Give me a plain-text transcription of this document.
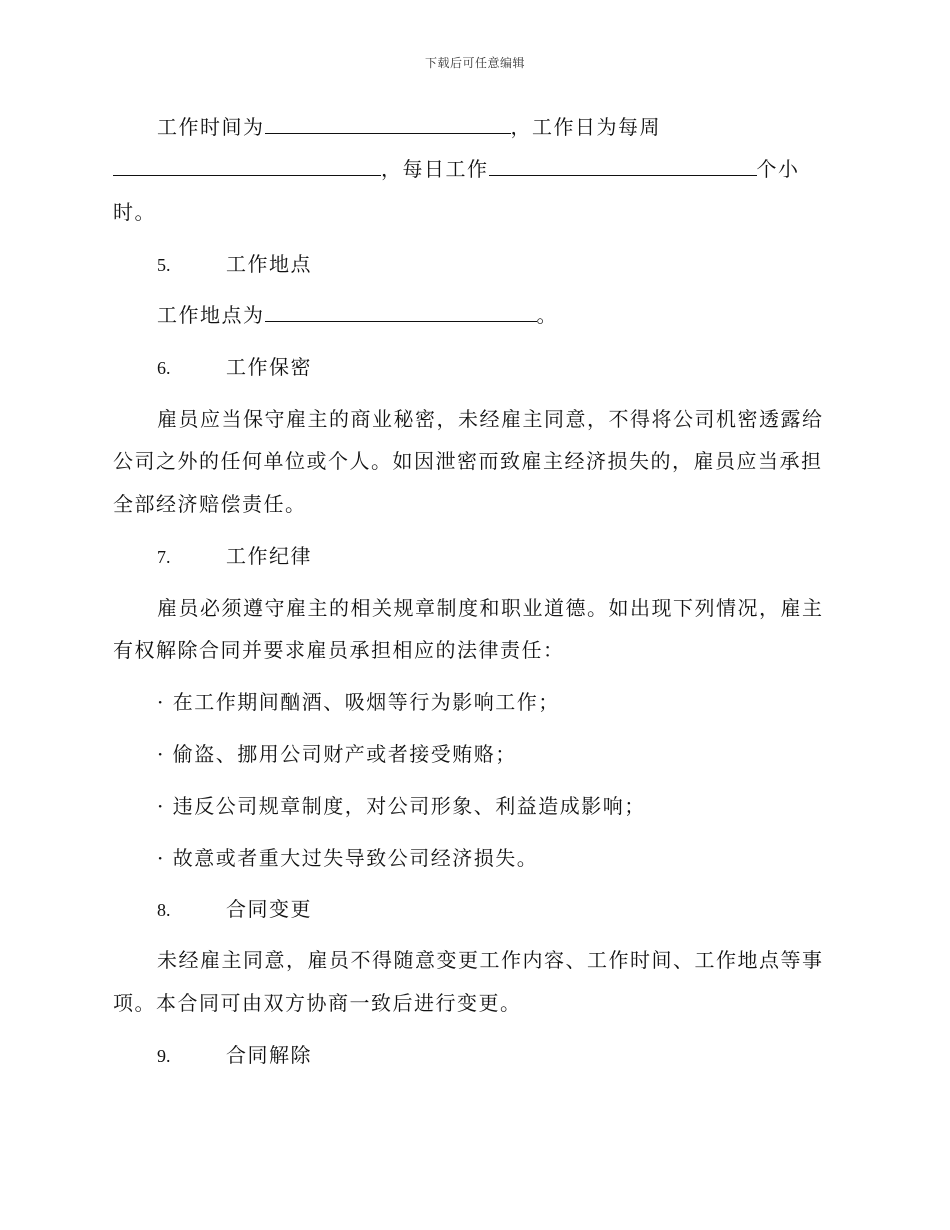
下载后可任意编辑
工作时间为	，工作日为每周
，每日工作	个小
时。
5.	工作地点
工作地点为	。
6.	工作保密
雇员应当保守雇主的商业秘密，未经雇主同意，不得将公司机密透露给
公司之外的任何单位或个人。如因泄密而致雇主经济损失的，雇员应当承担
全部经济赔偿责任。
7.	工作纪律
雇员必须遵守雇主的相关规章制度和职业道德。如出现下列情况，雇主
有权解除合同并要求雇员承担相应的法律责任：
· 在工作期间酗酒、吸烟等行为影响工作；
· 偷盗、挪用公司财产或者接受贿赂；
· 违反公司规章制度，对公司形象、利益造成影响；
· 故意或者重大过失导致公司经济损失。
8.	合同变更
未经雇主同意，雇员不得随意变更工作内容、工作时间、工作地点等事
项。本合同可由双方协商一致后进行变更。
9.	合同解除
